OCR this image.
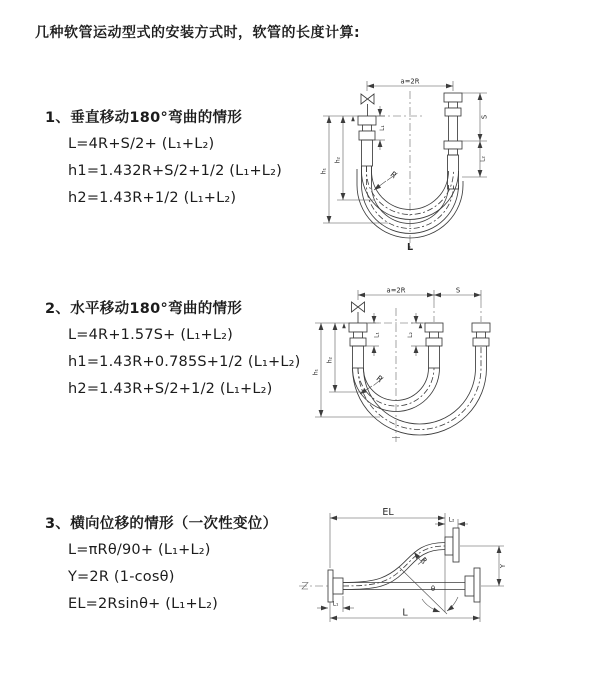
几种软管运动型式的安装方式时，软管的长度计算:
1、垂直移动180°弯曲的情形

L=4R+S/2+ (L₁+L₂)

h1=1.432R+S/2+1/2 (L₁+L₂)

h2=1.43R+1/2 (L₁+L₂)

2、水平移动180°弯曲的情形

L=4R+1.57S+ (L₁+L₂)

h1=1.43R+0.785S+1/2 (L₁+L₂)

h2=1.43R+S/2+1/2 (L₁+L₂)

3、横向位移的情形（一次性变位）

L=πRθ/90+ (L₁+L₂)

Y=2R (1-cosθ)

EL=2Rsinθ+ (L₁+L₂)

a=2R
R
S
L₂
L₁
h₂
h₁
L
a=2R	S
R
L₁	L₂
h₂
h₁
EL
L₂
R
θ
Y
L₁
L
